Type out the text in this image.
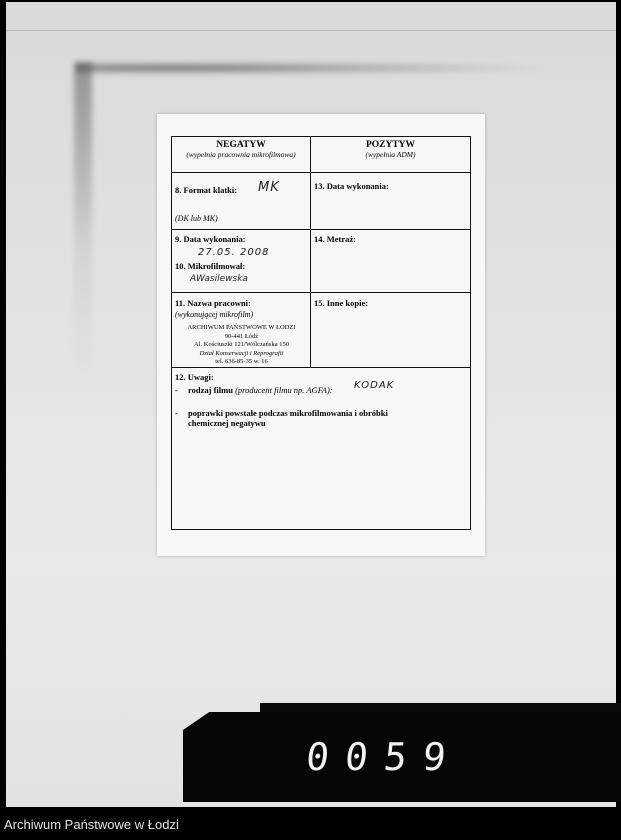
NEGATYW
(wypełnia pracownia mikrofilmowa)
POZYTYW
(wypełnia ADM)
8. Format klatki: MK
(DK lub MK)
13. Data wykonania:
9. Data wykonania:
27.05. 2008
10. Mikrofilmował:
AWasilewska
14. Metraż:
11. Nazwa pracowni:
(wykonującej mikrofilm)
ARCHIWUM PAŃSTWOWE W ŁODZI
90-441 Łódź
Al. Kościuszki 121/Wólczańska 150
Dział Konserwacji i Reprografii
tel. 636-85-35 w. 16
15. Inne kopie:
12. Uwagi:
- rodzaj filmu (producent filmu np. AGFA): KODAK
- poprawki powstałe podczas mikrofilmowania i obróbki
chemicznej negatywu
0059
Archiwum Państwowe w Łodzi
